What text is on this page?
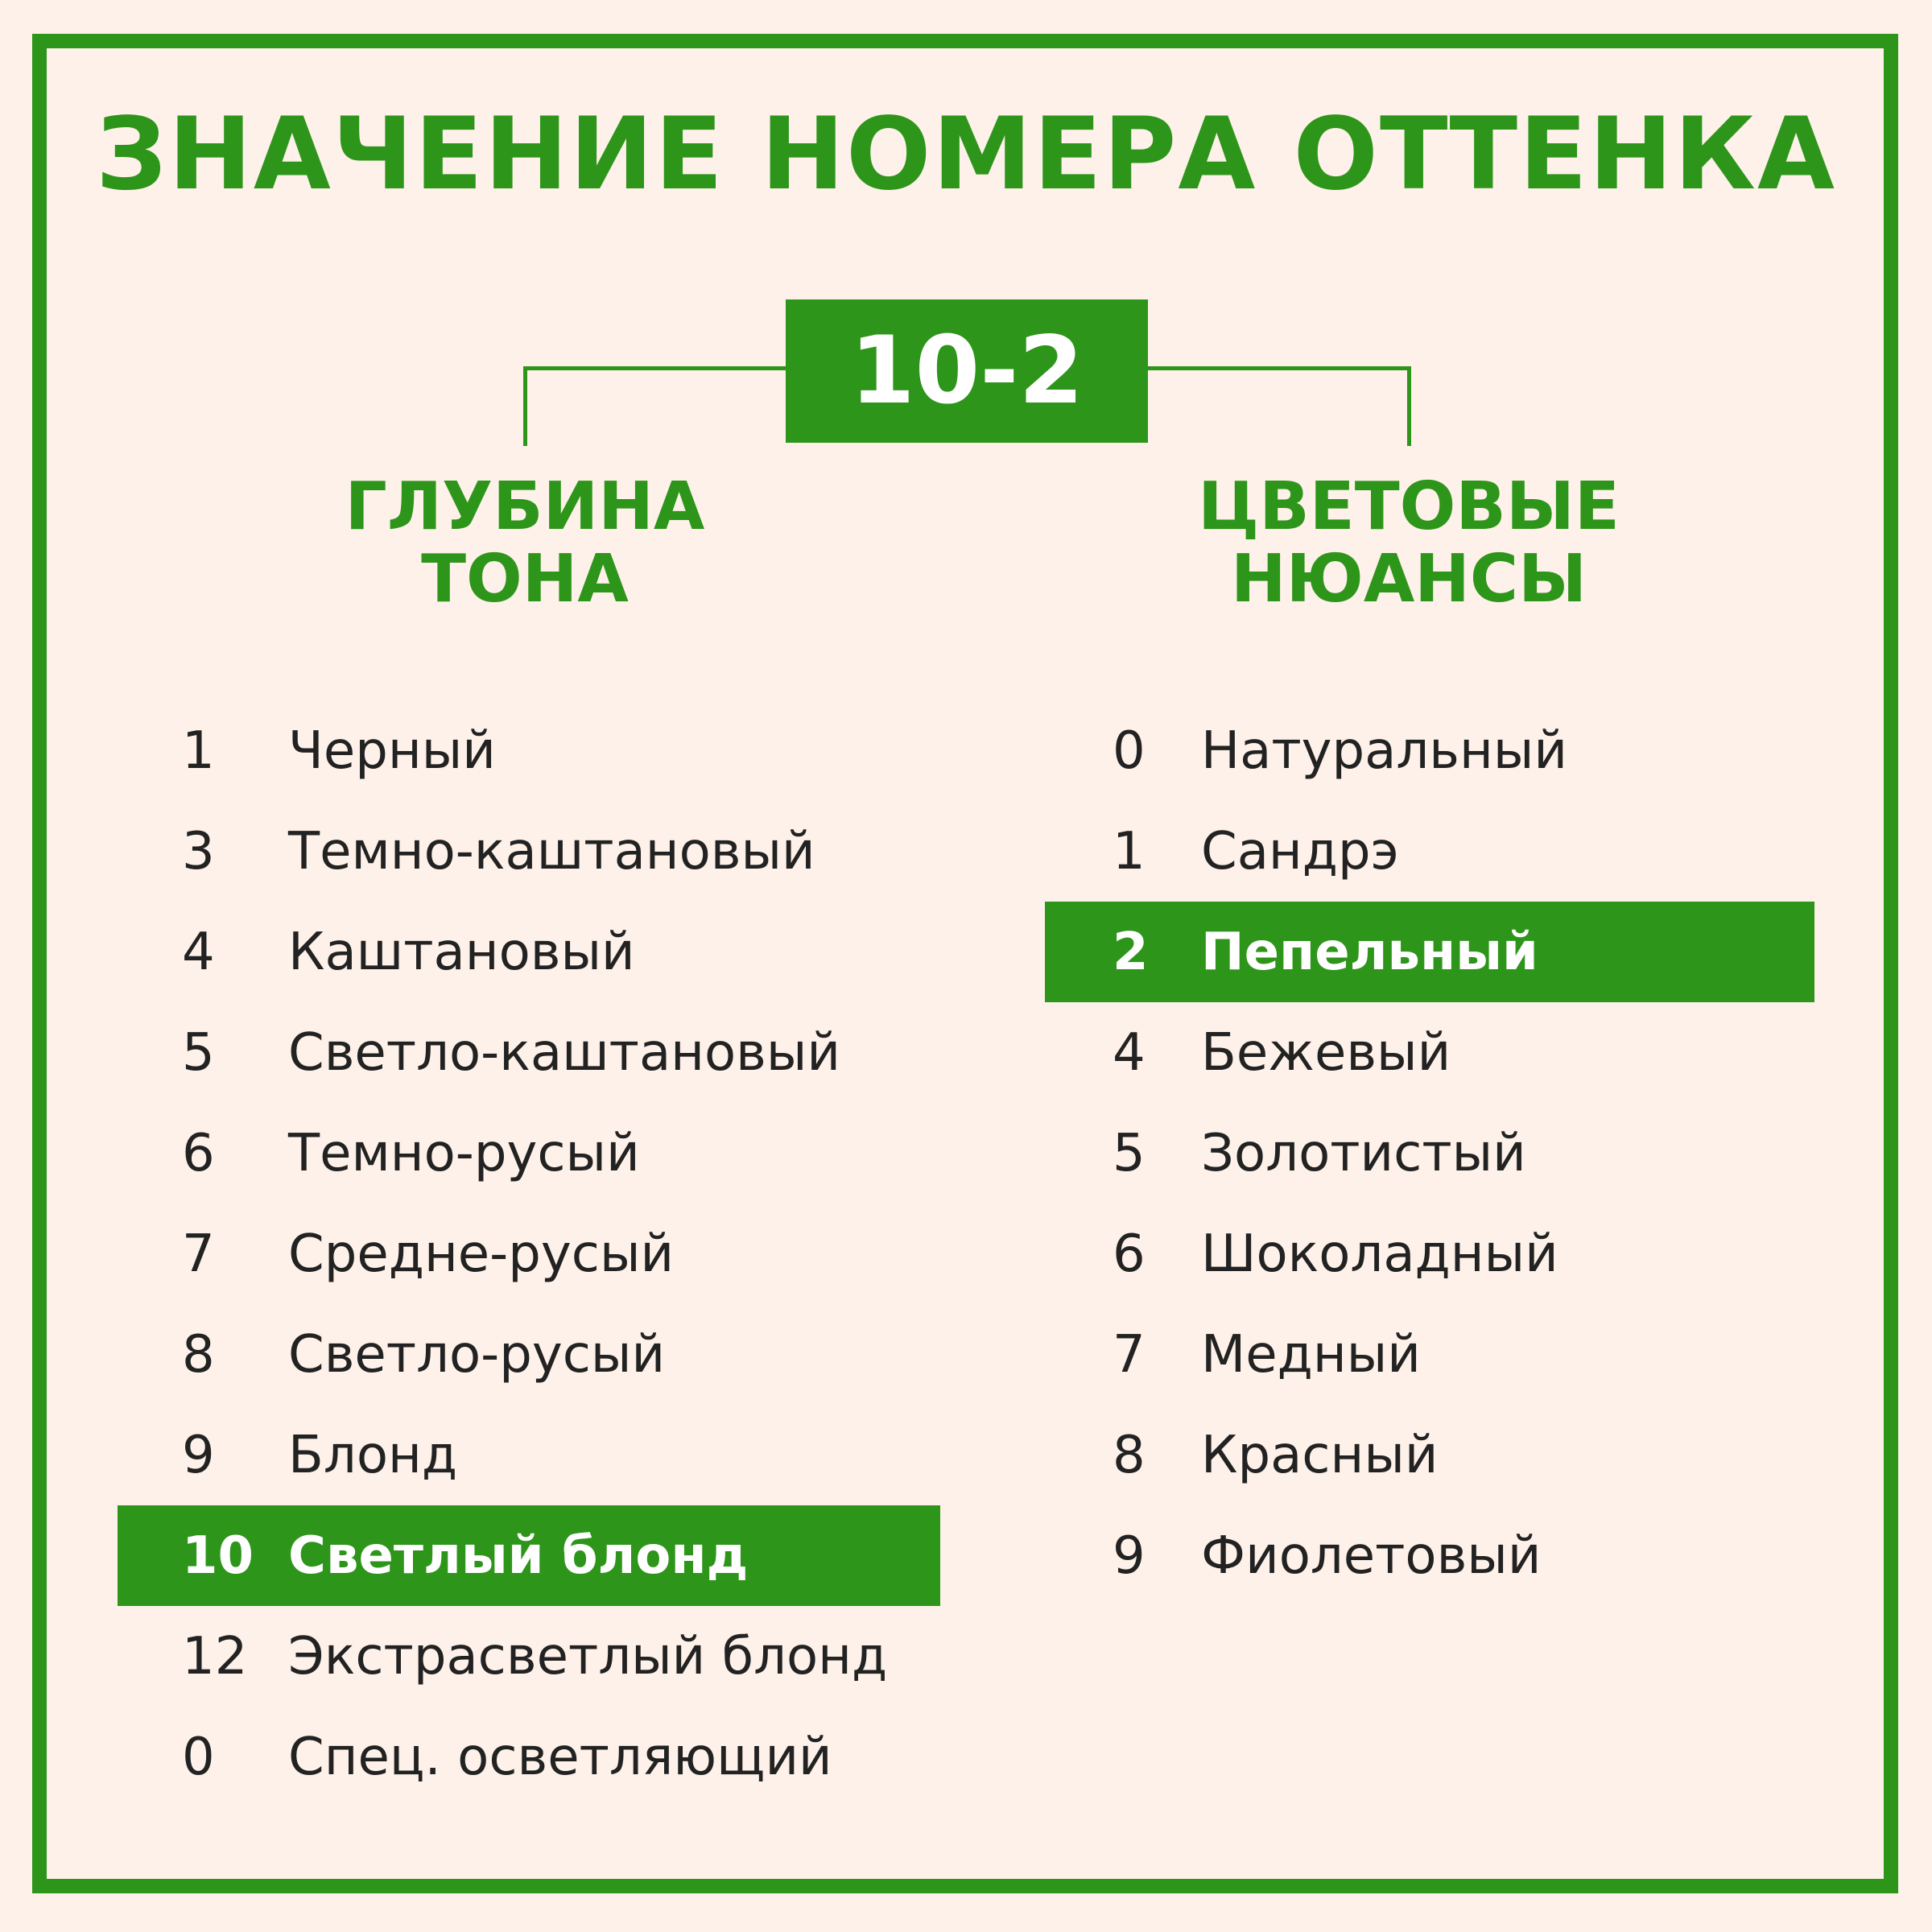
ЗНАЧЕНИЕ НОМЕРА ОТТЕНКА
10-2
ГЛУБИНА
ТОНА
ЦВЕТОВЫЕ
НЮАНСЫ
1	Черный
3	Темно-каштановый
4	Каштановый
5	Светло-каштановый
6	Темно-русый
7	Средне-русый
8	Светло-русый
9	Блонд
10 Светлый блонд
12 Экстрасветлый блонд
0	Спец. осветляющий
0	Натуральный
1	Сандрэ
2	Пепельный
4	Бежевый
5	Золотистый
6	Шоколадный
7	Медный
8	Красный
9	Фиолетовый
